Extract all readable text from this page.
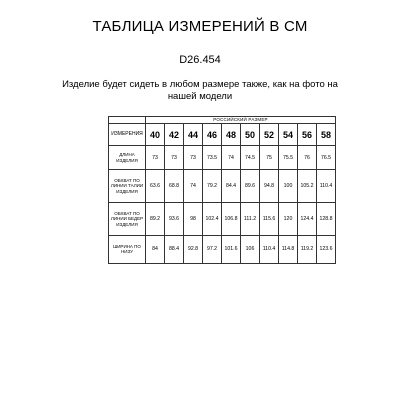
ТАБЛИЦА ИЗМЕРЕНИЙ В СМ
D26.454
Изделие будет сидеть в любом размере также, как на фото на нашей модели
	РОССИЙСКИЙ РАЗМЕР									
ИЗМЕРЕНИЯ	40	42	44	46	48	50	52	54	56	58
ДЛИНА ИЗДЕЛИЯ	73	73	73	73.5	74	74.5	75	75.5	76	76.5
ОБХВАТ ПО ЛИНИИ ТАЛИИ ИЗДЕЛИЯ	63.6	68.8	74	79.2	84.4	89.6	94.8	100	105.2	110.4
ОБХВАТ ПО ЛИНИИ БЕДЕР ИЗДЕЛИЯ	89.2	93.6	98	102.4	106.8	111.2	115.6	120	124.4	128.8
ШИРИНА ПО НИЗУ	84	88.4	92.8	97.2	101.6	106	110.4	114.8	119.2	123.6
